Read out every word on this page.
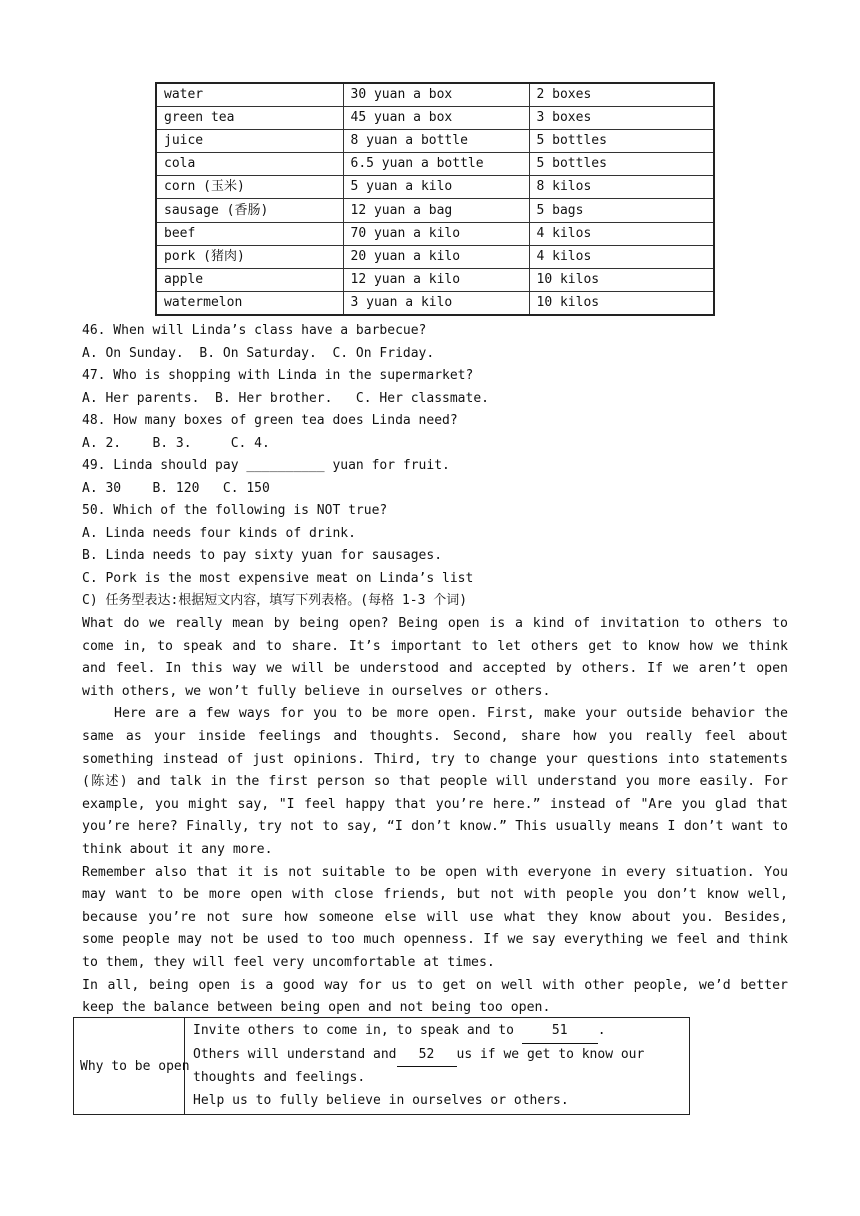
water	30 yuan a box	2 boxes
green tea	45 yuan a box	3 boxes
juice	8 yuan a bottle	5 bottles
cola	6.5 yuan a bottle	5 bottles
corn (玉米)	5 yuan a kilo	8 kilos
sausage (香肠)	12 yuan a bag	5 bags
beef	70 yuan a kilo	4 kilos
pork (猪肉)	20 yuan a kilo	4 kilos
apple	12 yuan a kilo	10 kilos
watermelon	3 yuan a kilo	10 kilos
46. When will Linda’s class have a barbecue?
A. On Sunday.  B. On Saturday.  C. On Friday.
47. Who is shopping with Linda in the supermarket?
A. Her parents.  B. Her brother.   C. Her classmate.
48. How many boxes of green tea does Linda need?
A. 2.    B. 3.     C. 4.
49. Linda should pay __________ yuan for fruit.
A. 30    B. 120   C. 150
50. Which of the following is NOT true?
A. Linda needs four kinds of drink.
B. Linda needs to pay sixty yuan for sausages.
C. Pork is the most expensive meat on Linda’s list
C) 任务型表达:根据短文内容，填写下列表格。(每格 1-3 个词)

What do we really mean by being open? Being open is a kind of invitation to others to come in, to speak and to share. It’s important to let others get to know how we think and feel. In this way we will be understood and accepted by others. If we aren’t open with others, we won’t fully believe in ourselves or others.

Here are a few ways for you to be more open. First, make your outside behavior the same as your inside feelings and thoughts. Second, share how you really feel about something instead of just opinions. Third, try to change your questions into statements (陈述) and talk in the first person so that people will understand you more easily. For example, you might say, "I feel happy that you’re here.” instead of "Are you glad that you’re here? Finally, try not to say, “I don’t know.” This usually means I don’t want to think about it any more.

Remember also that it is not suitable to be open with everyone in every situation. You may want to be more open with close friends, but not with people you don’t know well, because you’re not sure how someone else will use what they know about you. Besides, some people may not be used to too much openness. If we say everything we feel and think to them, they will feel very uncomfortable at times.

In all, being open is a good way for us to get on well with other people, we’d better keep the balance between being open and not being too open.

Why to be open	
Invite others to come in, to speak and to 51 .
Others will understand and 52 us if we get to know our thoughts and feelings.
Help us to fully believe in ourselves or others.
